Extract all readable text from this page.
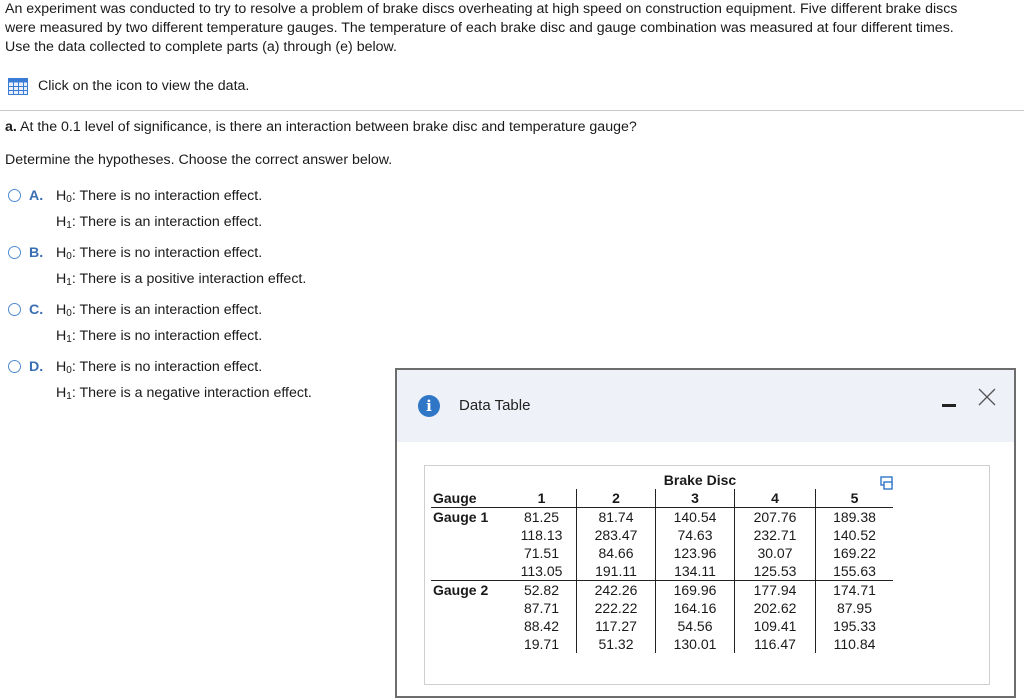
An experiment was conducted to try to resolve a problem of brake discs overheating at high speed on construction equipment. Five different brake discs
were measured by two different temperature gauges. The temperature of each brake disc and gauge combination was measured at four different times.
Use the data collected to complete parts (a) through (e) below.
Click on the icon to view the data.
a. At the 0.1 level of significance, is there an interaction between brake disc and temperature gauge?
Determine the hypotheses. Choose the correct answer below.
A. $H_0$: There is no interaction effect.
$H_1$: There is an interaction effect.
B. $H_0$: There is no interaction effect.
$H_1$: There is a positive interaction effect.
C. $H_0$: There is an interaction effect.
$H_1$: There is no interaction effect.
D. $H_0$: There is no interaction effect.
$H_1$: There is a negative interaction effect.
i	Data Table
	Brake Disc				
Gauge	1	2	3	4	5
Gauge 1	81.25	81.74	140.54	207.76	189.38
	118.13	283.47	74.63	232.71	140.52
	71.51	84.66	123.96	30.07	169.22
	113.05	191.11	134.11	125.53	155.63
Gauge 2	52.82	242.26	169.96	177.94	174.71
	87.71	222.22	164.16	202.62	87.95
	88.42	117.27	54.56	109.41	195.33
	19.71	51.32	130.01	116.47	110.84
